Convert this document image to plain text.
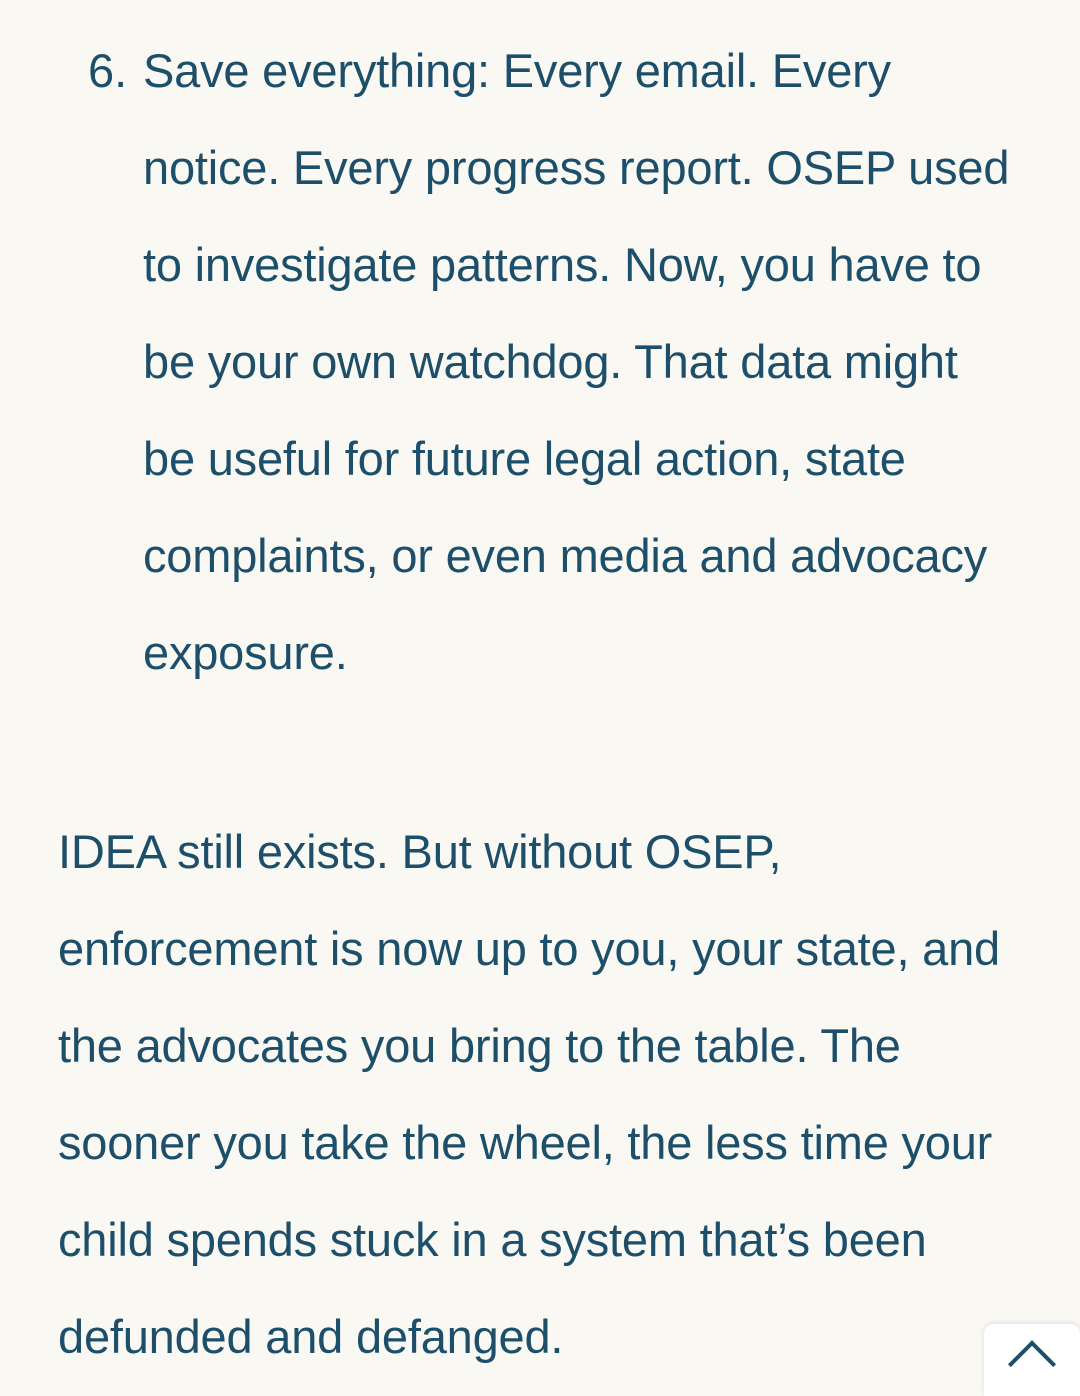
6. Save everything: Every email. Every notice. Every progress report. OSEP used to investigate patterns. Now, you have to be your own watchdog. That data might be useful for future legal action, state complaints, or even media and advocacy exposure.
IDEA still exists. But without OSEP, enforcement is now up to you, your state, and the advocates you bring to the table. The sooner you take the wheel, the less time your child spends stuck in a system that’s been defunded and defanged.
